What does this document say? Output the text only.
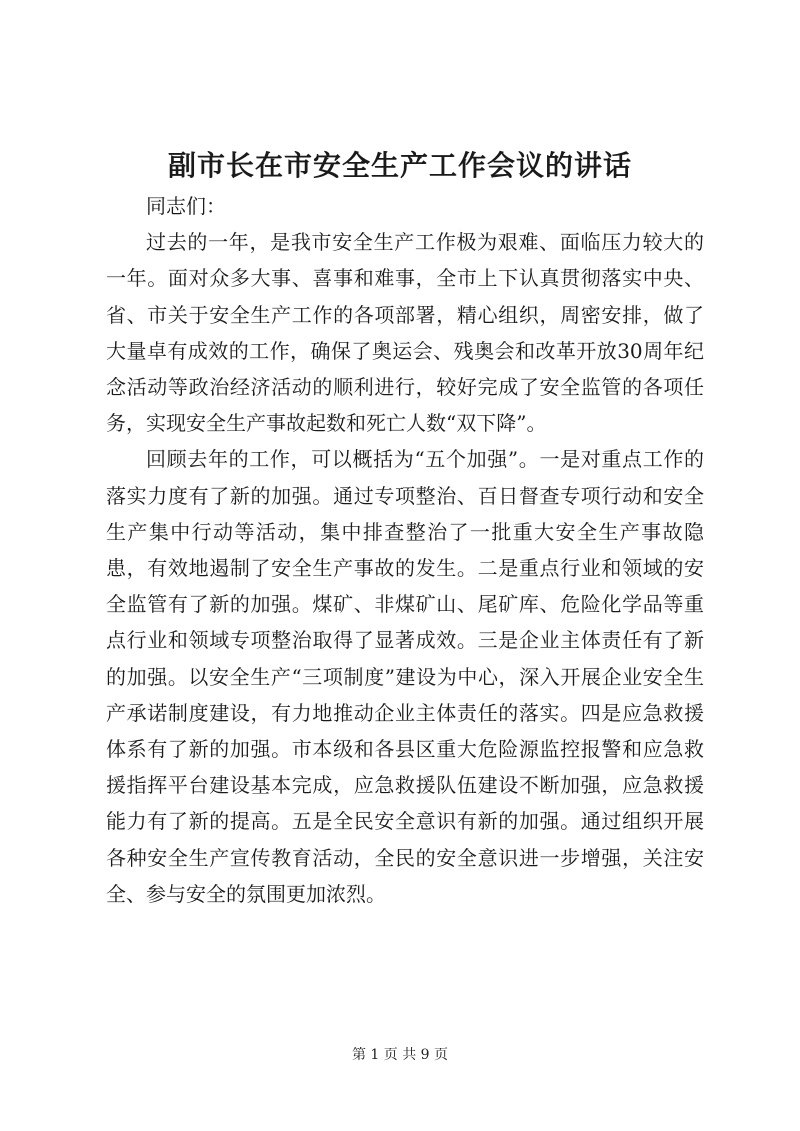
副市长在市安全生产工作会议的讲话

同志们：

过去的一年，是我市安全生产工作极为艰难、面临压力较大的一年。面对众多大事、喜事和难事，全市上下认真贯彻落实中央、省、市关于安全生产工作的各项部署，精心组织，周密安排，做了大量卓有成效的工作，确保了奥运会、残奥会和改革开放30周年纪念活动等政治经济活动的顺利进行，较好完成了安全监管的各项任务，实现安全生产事故起数和死亡人数“双下降”。

回顾去年的工作，可以概括为“五个加强”。一是对重点工作的落实力度有了新的加强。通过专项整治、百日督查专项行动和安全生产集中行动等活动，集中排查整治了一批重大安全生产事故隐患，有效地遏制了安全生产事故的发生。二是重点行业和领域的安全监管有了新的加强。煤矿、非煤矿山、尾矿库、危险化学品等重点行业和领域专项整治取得了显著成效。三是企业主体责任有了新的加强。以安全生产“三项制度”建设为中心，深入开展企业安全生产承诺制度建设，有力地推动企业主体责任的落实。四是应急救援体系有了新的加强。市本级和各县区重大危险源监控报警和应急救援指挥平台建设基本完成，应急救援队伍建设不断加强，应急救援能力有了新的提高。五是全民安全意识有新的加强。通过组织开展各种安全生产宣传教育活动，全民的安全意识进一步增强，关注安全、参与安全的氛围更加浓烈。

第 1 页 共 9 页
